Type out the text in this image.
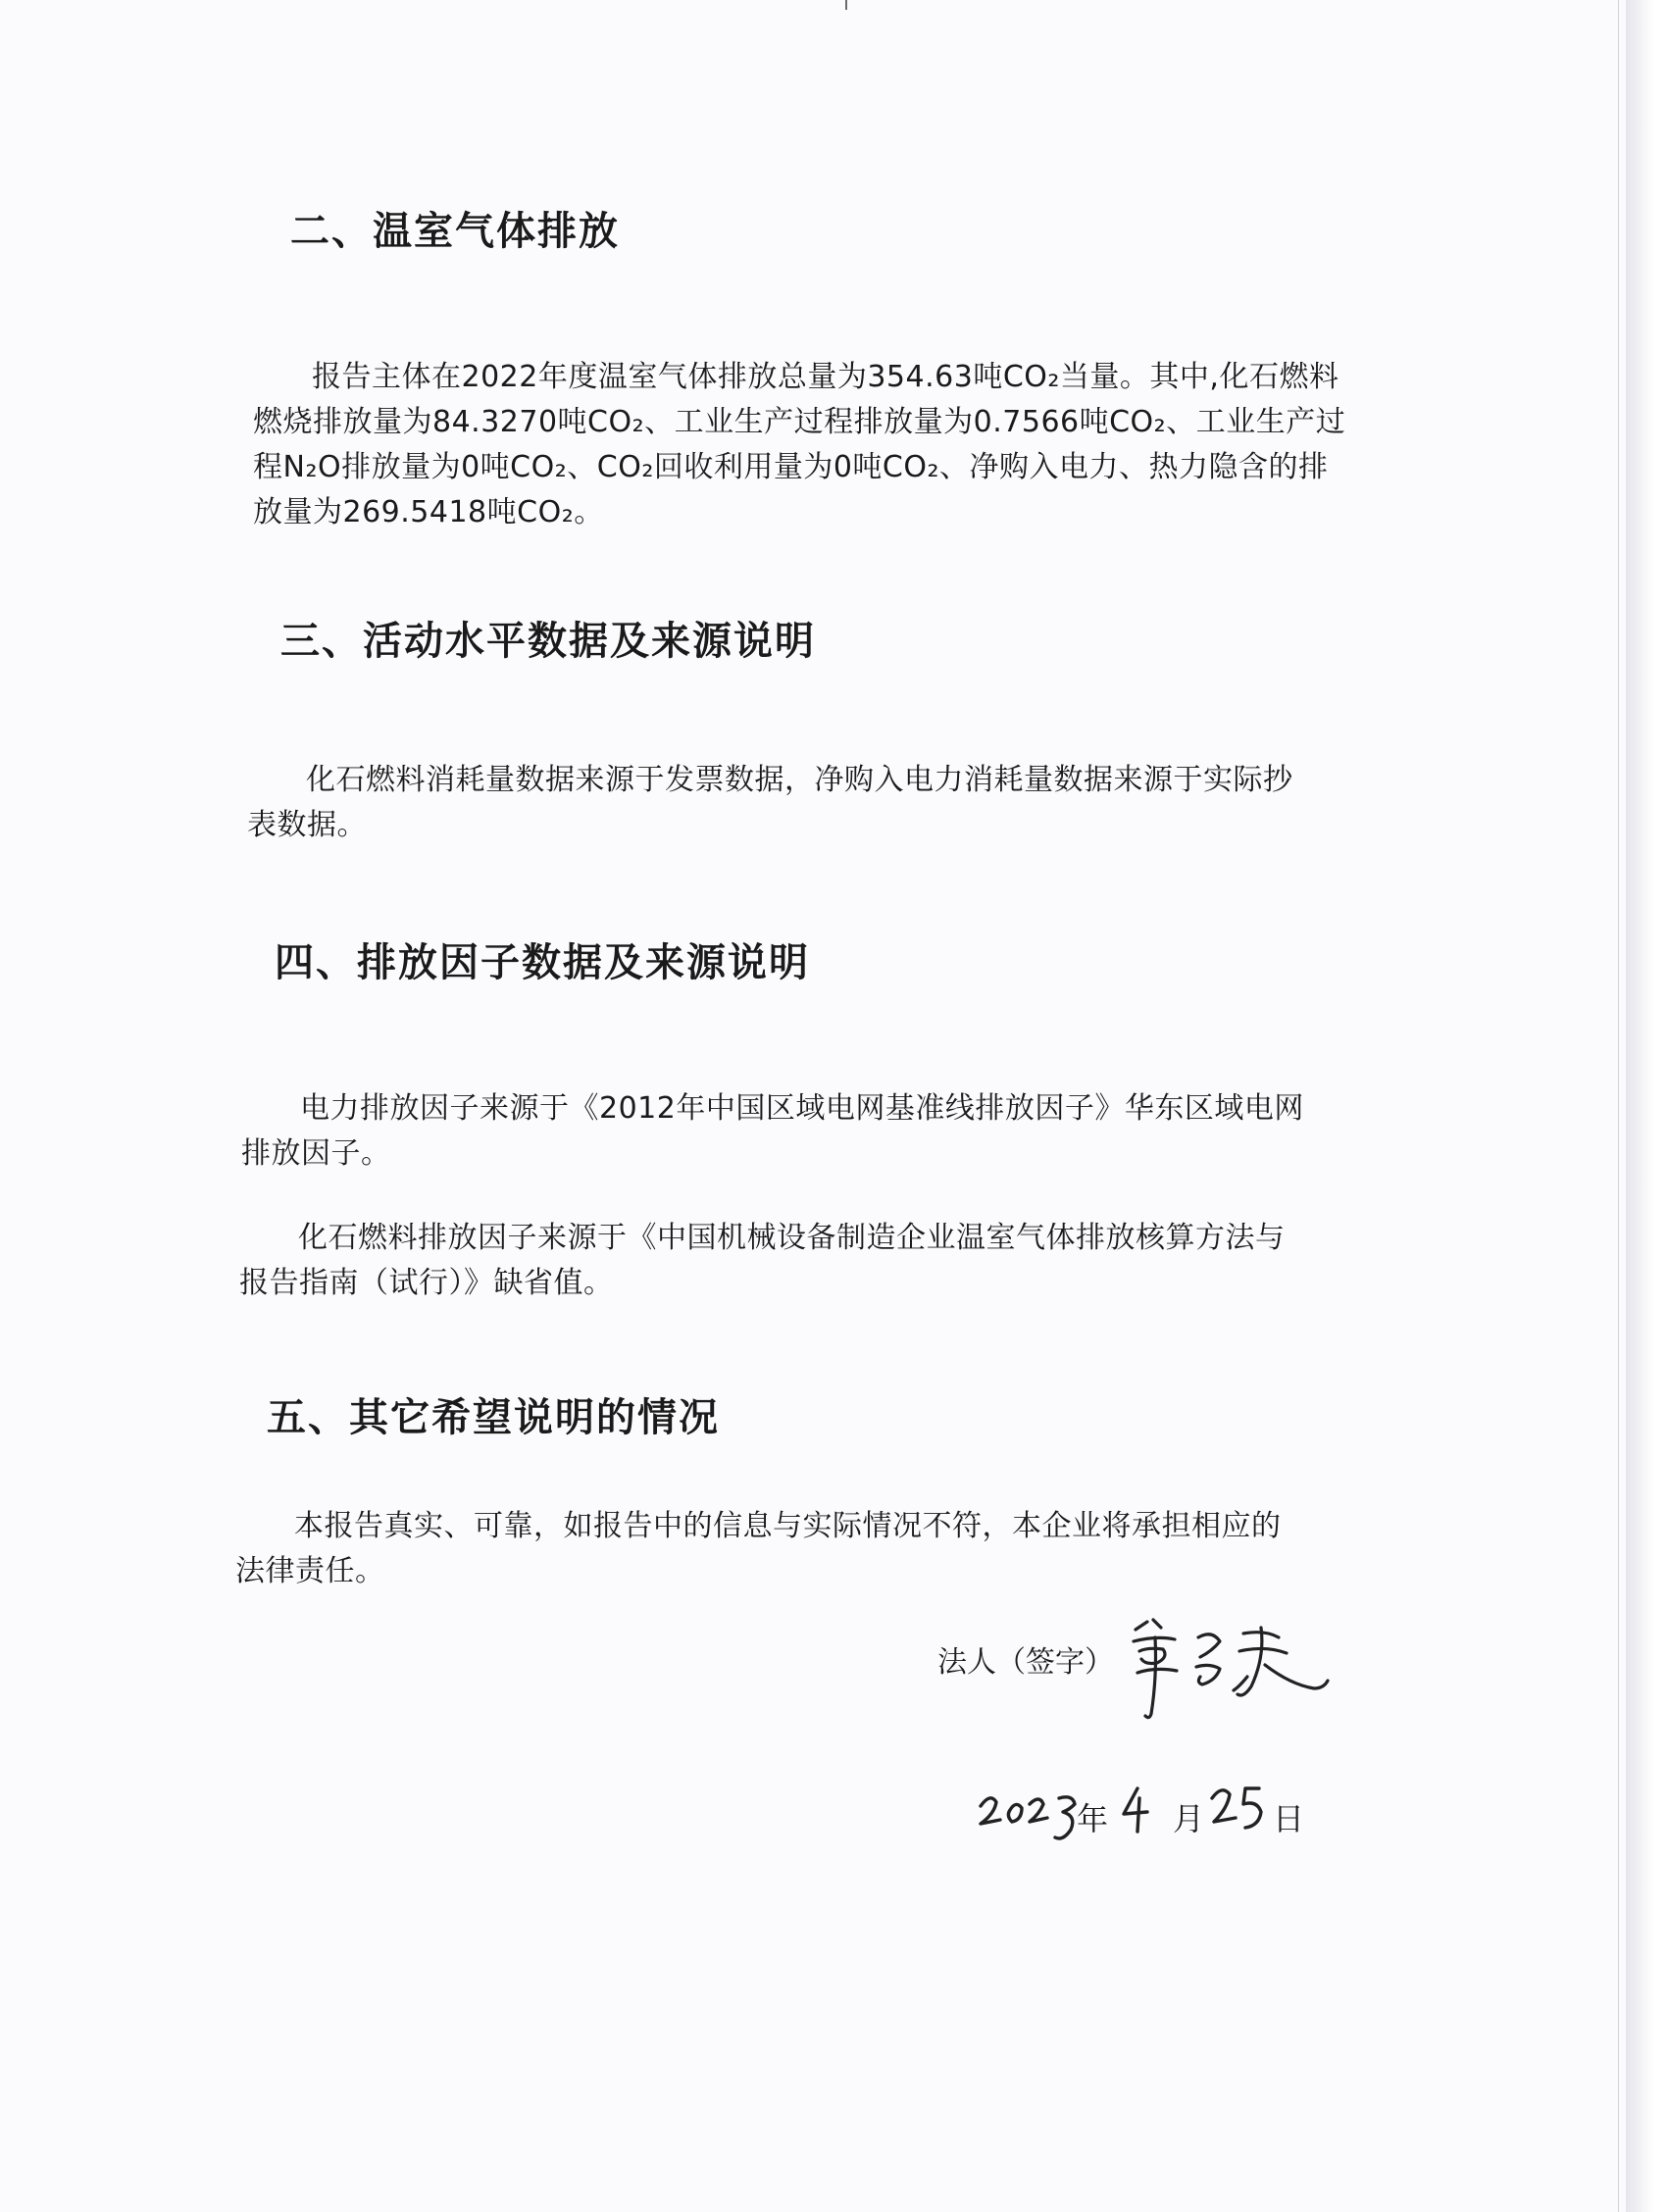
二、温室气体排放

报告主体在2022年度温室气体排放总量为354.63吨CO₂当量。其中,化石燃料

燃烧排放量为84.3270吨CO₂、工业生产过程排放量为0.7566吨CO₂、工业生产过

程N₂O排放量为0吨CO₂、CO₂回收利用量为0吨CO₂、净购入电力、热力隐含的排

放量为269.5418吨CO₂。

三、活动水平数据及来源说明

化石燃料消耗量数据来源于发票数据，净购入电力消耗量数据来源于实际抄

表数据。

四、排放因子数据及来源说明

电力排放因子来源于《2012年中国区域电网基准线排放因子》华东区域电网

排放因子。

化石燃料排放因子来源于《中国机械设备制造企业温室气体排放核算方法与

报告指南（试行）》缺省值。

五、其它希望说明的情况

本报告真实、可靠，如报告中的信息与实际情况不符，本企业将承担相应的

法律责任。

法人（签字）
年 月 日
